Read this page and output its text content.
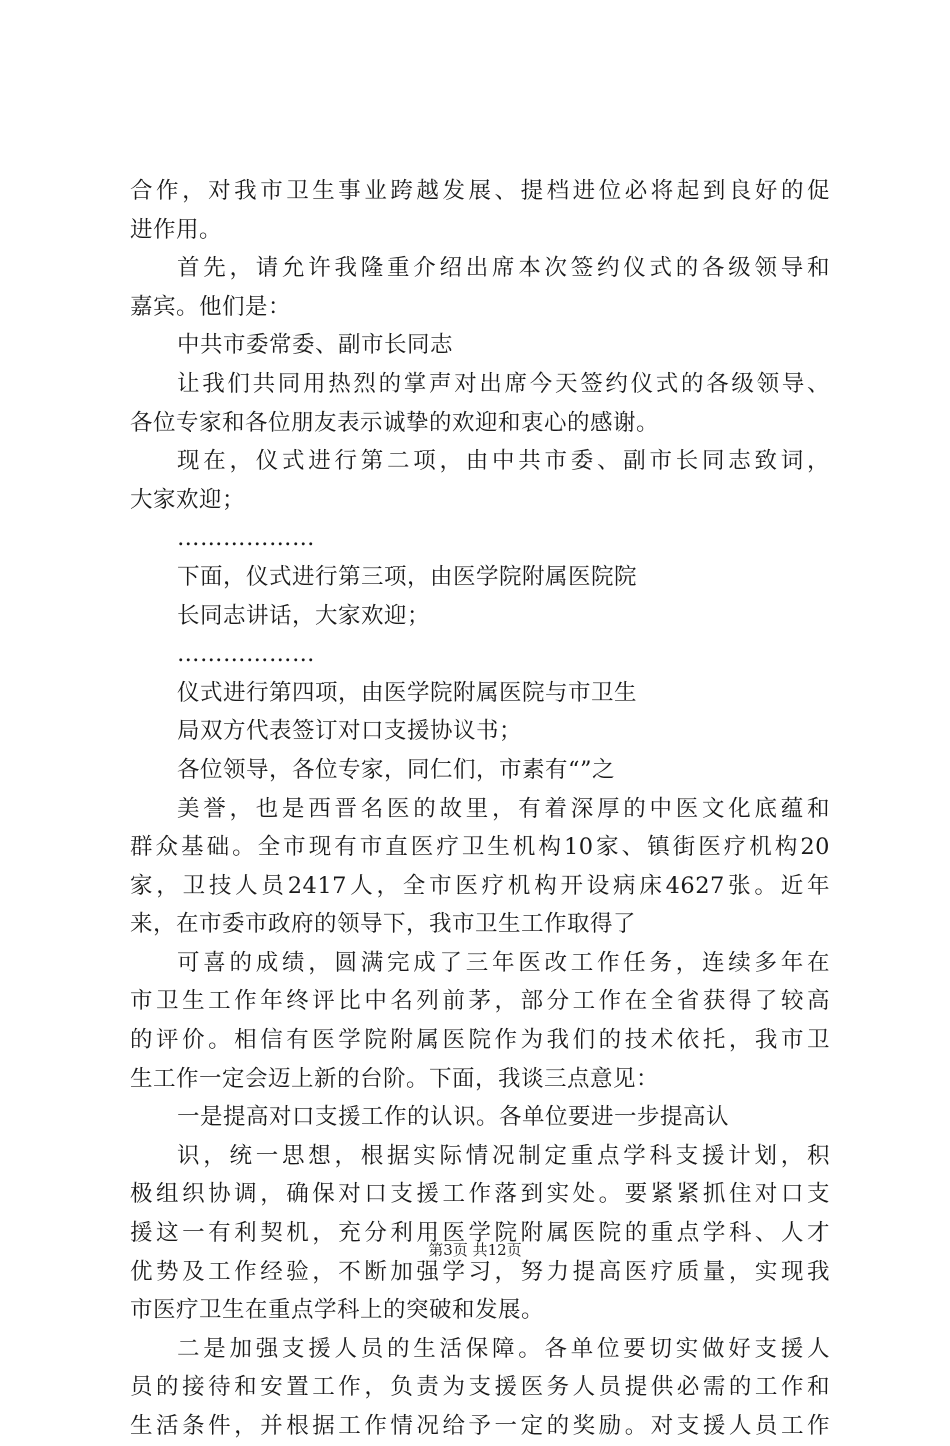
合作，对我市卫生事业跨越发展、提档进位必将起到良好的促
进作用。
首先，请允许我隆重介绍出席本次签约仪式的各级领导和
嘉宾。他们是：
中共市委常委、副市长同志
让我们共同用热烈的掌声对出席今天签约仪式的各级领导、
各位专家和各位朋友表示诚挚的欢迎和衷心的感谢。
现在，仪式进行第二项，由中共市委、副市长同志致词，
大家欢迎；
………………
下面，仪式进行第三项，由医学院附属医院院
长同志讲话，大家欢迎；
………………
仪式进行第四项，由医学院附属医院与市卫生
局双方代表签订对口支援协议书；
各位领导，各位专家，同仁们，市素有“”之
美誉，也是西晋名医的故里，有着深厚的中医文化底蕴和
群众基础。全市现有市直医疗卫生机构10家、镇街医疗机构20
家，卫技人员2417人，全市医疗机构开设病床4627张。近年
来，在市委市政府的领导下，我市卫生工作取得了
可喜的成绩，圆满完成了三年医改工作任务，连续多年在
市卫生工作年终评比中名列前茅，部分工作在全省获得了较高
的评价。相信有医学院附属医院作为我们的技术依托，我市卫
生工作一定会迈上新的台阶。下面，我谈三点意见：
一是提高对口支援工作的认识。各单位要进一步提高认
识，统一思想，根据实际情况制定重点学科支援计划，积
极组织协调，确保对口支援工作落到实处。要紧紧抓住对口支
援这一有利契机，充分利用医学院附属医院的重点学科、人才
优势及工作经验，不断加强学习，努力提高医疗质量，实现我
市医疗卫生在重点学科上的突破和发展。
二是加强支援人员的生活保障。各单位要切实做好支援人
员的接待和安置工作，负责为支援医务人员提供必需的工作和
生活条件，并根据工作情况给予一定的奖励。对支援人员工作
第3页 共12页
